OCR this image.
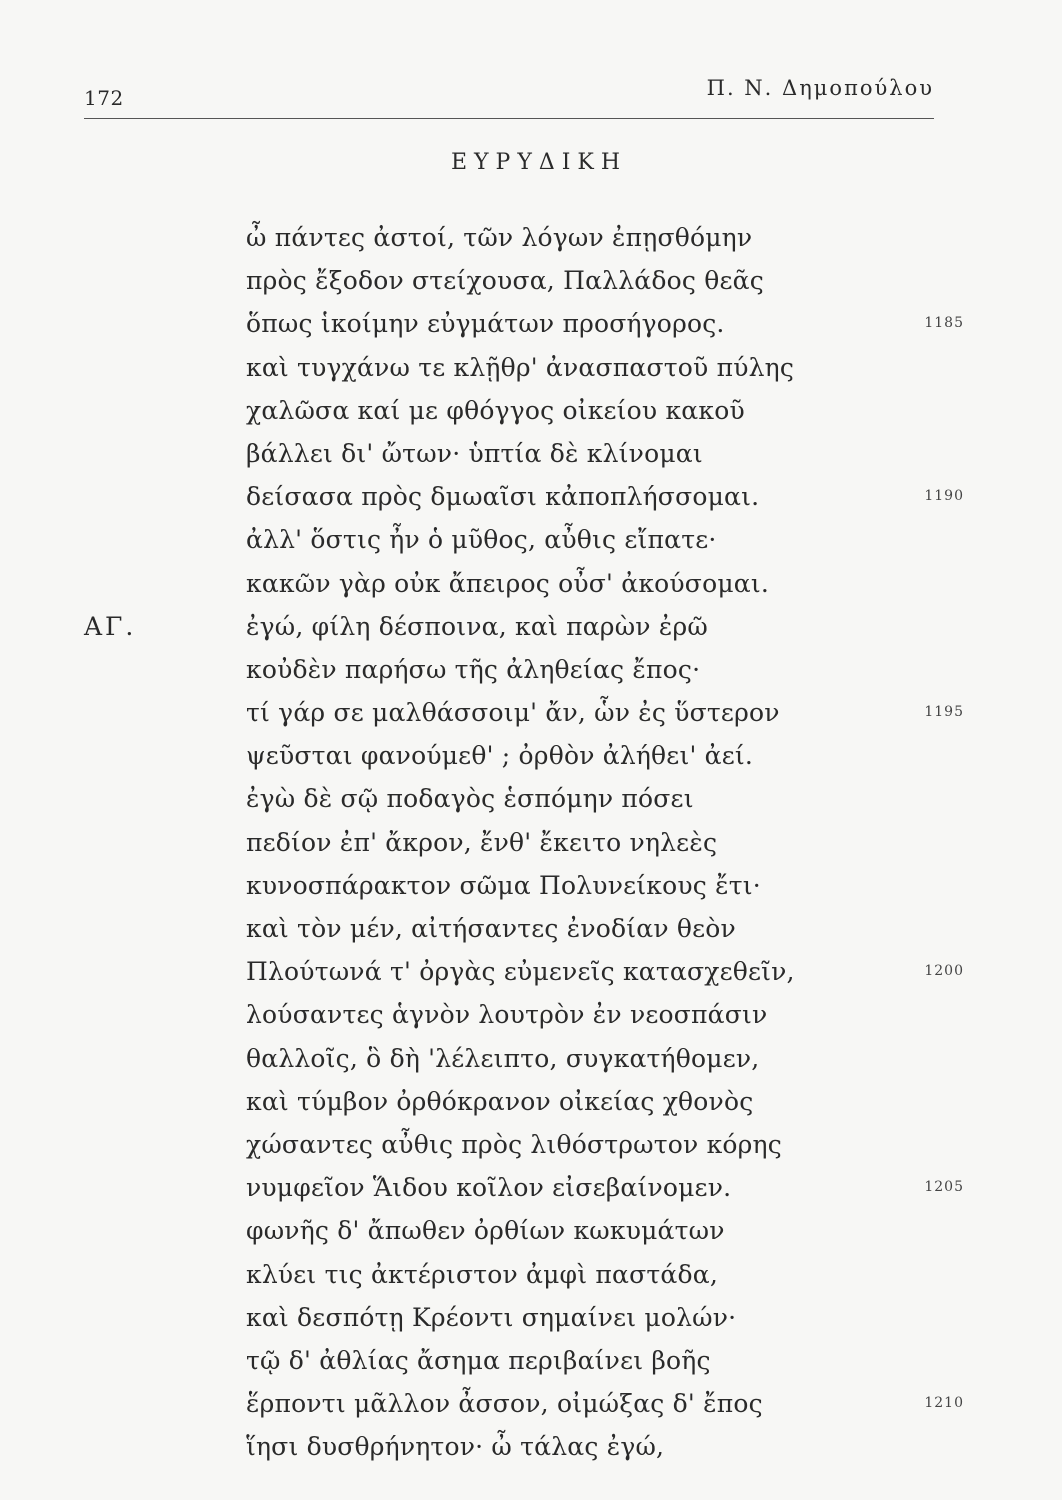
172	Π. Ν. Δημοπούλου
ΕΥΡΥΔΙΚΗ
ὦ πάντες ἀστοί, τῶν λόγων ἐπῃσθόμην
πρὸς ἔξοδον στείχουσα, Παλλάδος θεᾶς
ὅπως ἱκοίμην εὐγμάτων προσήγορος.	1185
καὶ τυγχάνω τε κλῇθρ' ἀνασπαστοῦ πύλης
χαλῶσα καί με φθόγγος οἰκείου κακοῦ
βάλλει δι' ὤτων· ὑπτία δὲ κλίνομαι
δείσασα πρὸς δμωαῖσι κἀποπλήσσομαι.	1190
ἀλλ' ὅστις ἦν ὁ μῦθος, αὖθις εἴπατε·
κακῶν γὰρ οὐκ ἄπειρος οὖσ' ἀκούσομαι.
ΑΓ.	ἐγώ, φίλη δέσποινα, καὶ παρὼν ἐρῶ
κοὐδὲν παρήσω τῆς ἀληθείας ἔπος·
τί γάρ σε μαλθάσσοιμ' ἄν, ὧν ἐς ὕστερον	1195
ψεῦσται φανούμεθ' ; ὀρθὸν ἀλήθει' ἀεί.
ἐγὼ δὲ σῷ ποδαγὸς ἑσπόμην πόσει
πεδίον ἐπ' ἄκρον, ἔνθ' ἔκειτο νηλεὲς
κυνοσπάρακτον σῶμα Πολυνείκους ἔτι·
καὶ τὸν μέν, αἰτήσαντες ἐνοδίαν θεὸν
Πλούτωνά τ' ὀργὰς εὐμενεῖς κατασχεθεῖν,	1200
λούσαντες ἁγνὸν λουτρὸν ἐν νεοσπάσιν
θαλλοῖς, ὃ δὴ 'λέλειπτο, συγκατήθομεν,
καὶ τύμβον ὀρθόκρανον οἰκείας χθονὸς
χώσαντες αὖθις πρὸς λιθόστρωτον κόρης
νυμφεῖον Ἅιδου κοῖλον εἰσεβαίνομεν.	1205
φωνῆς δ' ἄπωθεν ὀρθίων κωκυμάτων
κλύει τις ἀκτέριστον ἀμφὶ παστάδα,
καὶ δεσπότῃ Κρέοντι σημαίνει μολών·
τῷ δ' ἀθλίας ἄσημα περιβαίνει βοῆς
ἕρποντι μᾶλλον ἆσσον, οἰμώξας δ' ἔπος	1210
ἵησι δυσθρήνητον· ὦ τάλας ἐγώ,
